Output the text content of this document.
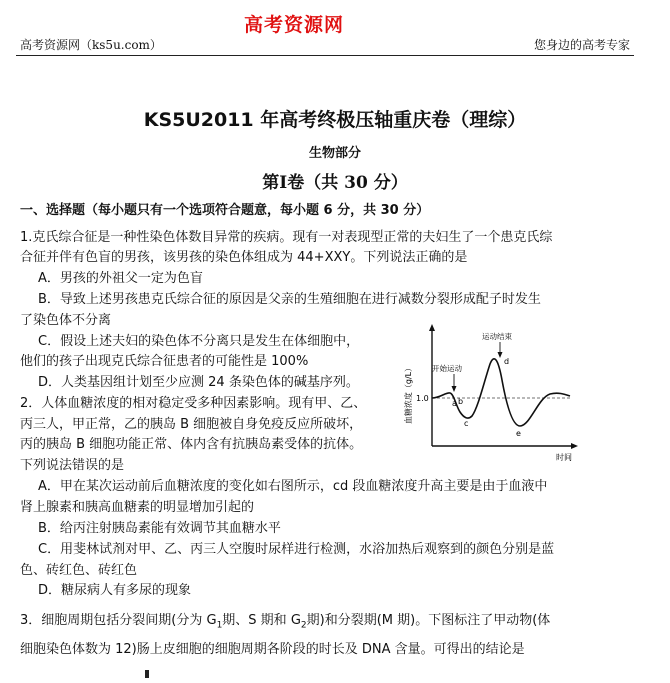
高考资源网（ks5u.com）
高考资源网
您身边的高考专家
KS5U2011 年高考终极压轴重庆卷（理综）
生物部分
第Ⅰ卷（共 30 分）
一、选择题（每小题只有一个选项符合题意，每小题 6 分，共 30 分）
1.克氏综合征是一种性染色体数目异常的疾病。现有一对表现型正常的夫妇生了一个患克氏综
合征并伴有色盲的男孩，该男孩的染色体组成为 44+XXY。下列说法正确的是
A．男孩的外祖父一定为色盲
B．导致上述男孩患克氏综合征的原因是父亲的生殖细胞在进行减数分裂形成配子时发生
了染色体不分离
C．假设上述夫妇的染色体不分离只是发生在体细胞中，
他们的孩子出现克氏综合征患者的可能性是 100%
D．人类基因组计划至少应测 24 条染色体的碱基序列。
2．人体血糖浓度的相对稳定受多种因素影响。现有甲、乙、
丙三人，甲正常，乙的胰岛 B 细胞被自身免疫反应所破坏，
丙的胰岛 B 细胞功能正常、体内含有抗胰岛素受体的抗体。
下列说法错误的是
A．甲在某次运动前后血糖浓度的变化如右图所示，cd 段血糖浓度升高主要是由于血液中
肾上腺素和胰高血糖素的明显增加引起的
B．给丙注射胰岛素能有效调节其血糖水平
C．用斐林试剂对甲、乙、丙三人空腹时尿样进行检测，水浴加热后观察到的颜色分别是蓝
色、砖红色、砖红色
D．糖尿病人有多尿的现象
3．细胞周期包括分裂间期(分为 $G_1$期、S 期和 $G_2$期)和分裂期(M 期)。下图标注了甲动物(体
细胞染色体数为 12)肠上皮细胞的细胞周期各阶段的时长及 DNA 含量。可得出的结论是
血糖浓度（g/L） 1.0
开始运动
运动结束
a b
c
d
e
时间
